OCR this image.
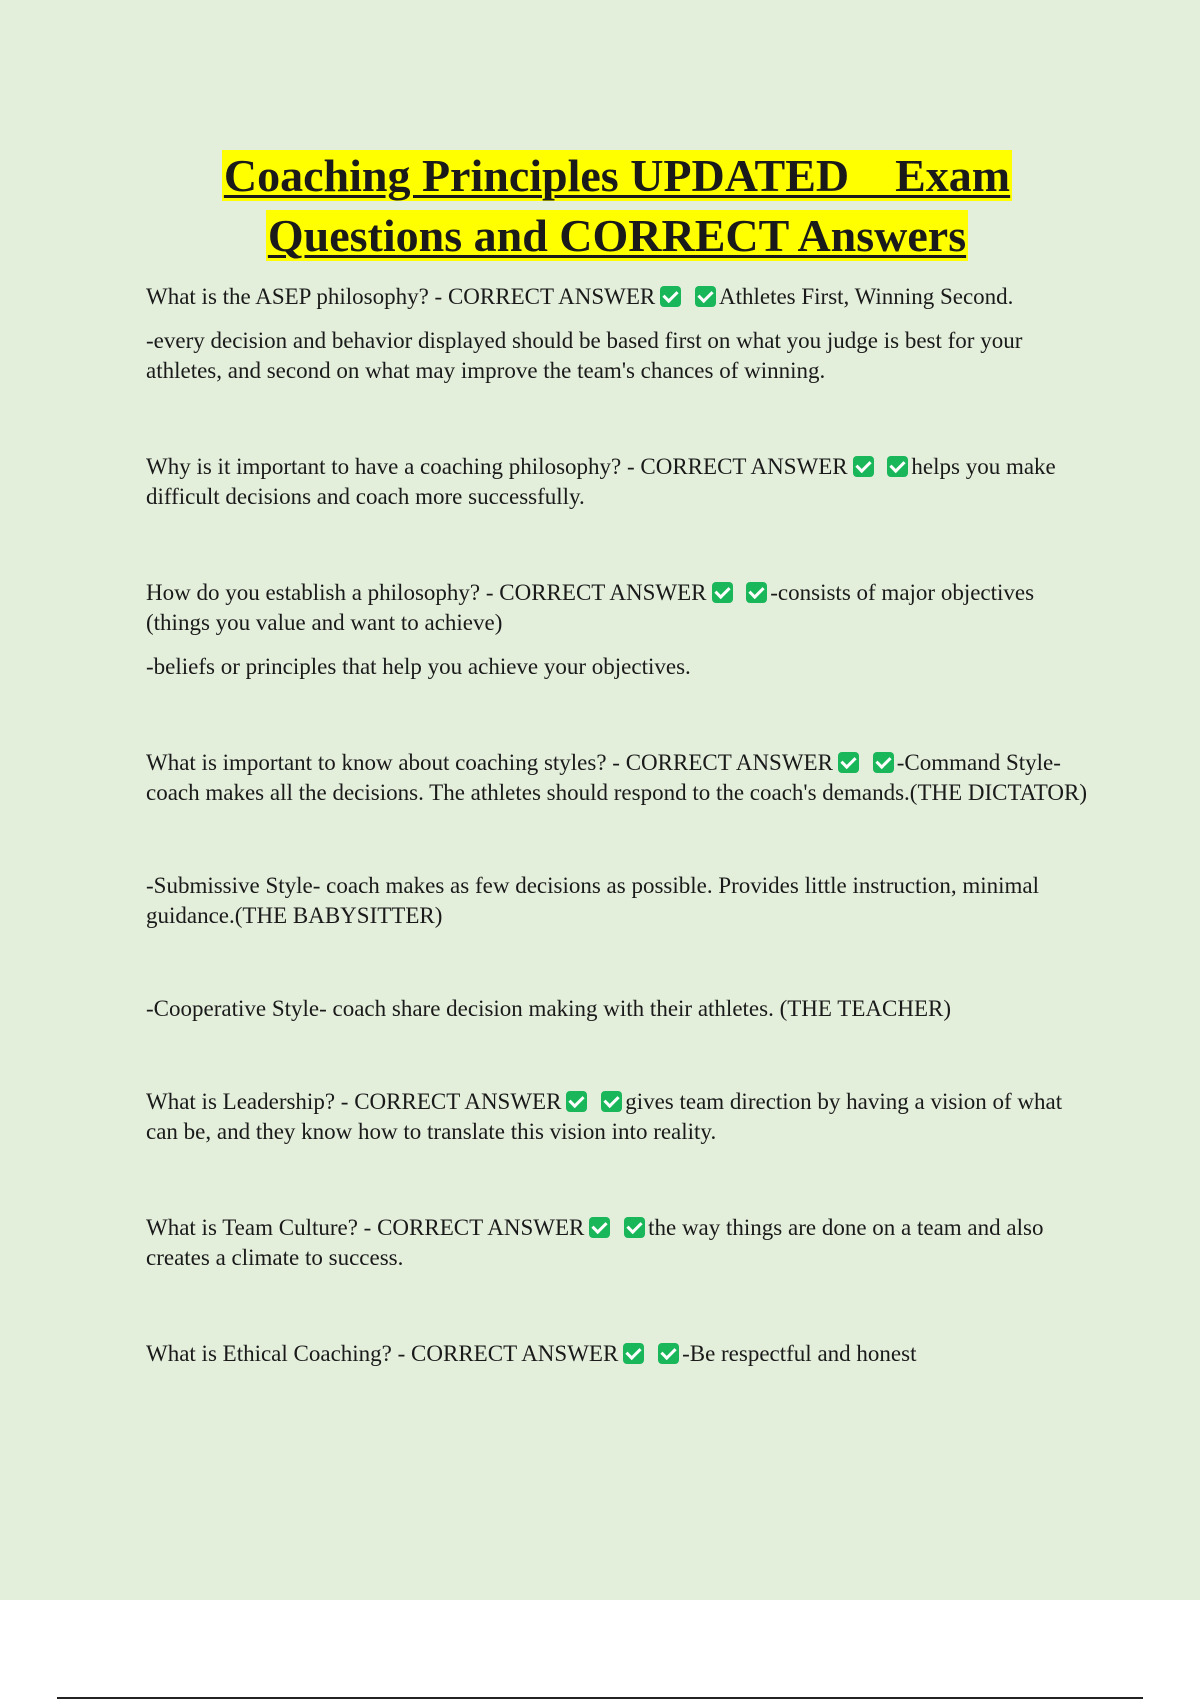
Coaching Principles UPDATED    Exam
Questions and CORRECT Answers

What is the ASEP philosophy? - CORRECT ANSWER	Athletes First, Winning Second.

-every decision and behavior displayed should be based first on what you judge is best for your athletes, and second on what may improve the team's chances of winning.

Why is it important to have a coaching philosophy? - CORRECT ANSWER	helps you make difficult decisions and coach more successfully.

How do you establish a philosophy? - CORRECT ANSWER	-consists of major objectives (things you value and want to achieve)

-beliefs or principles that help you achieve your objectives.

What is important to know about coaching styles? - CORRECT ANSWER	-Command Style- coach makes all the decisions. The athletes should respond to the coach's demands.(THE DICTATOR)

-Submissive Style- coach makes as few decisions as possible. Provides little instruction, minimal guidance.(THE BABYSITTER)

-Cooperative Style- coach share decision making with their athletes. (THE TEACHER)

What is Leadership? - CORRECT ANSWER	gives team direction by having a vision of what can be, and they know how to translate this vision into reality.

What is Team Culture? - CORRECT ANSWER	the way things are done on a team and also creates a climate to success.

What is Ethical Coaching? - CORRECT ANSWER	-Be respectful and honest
